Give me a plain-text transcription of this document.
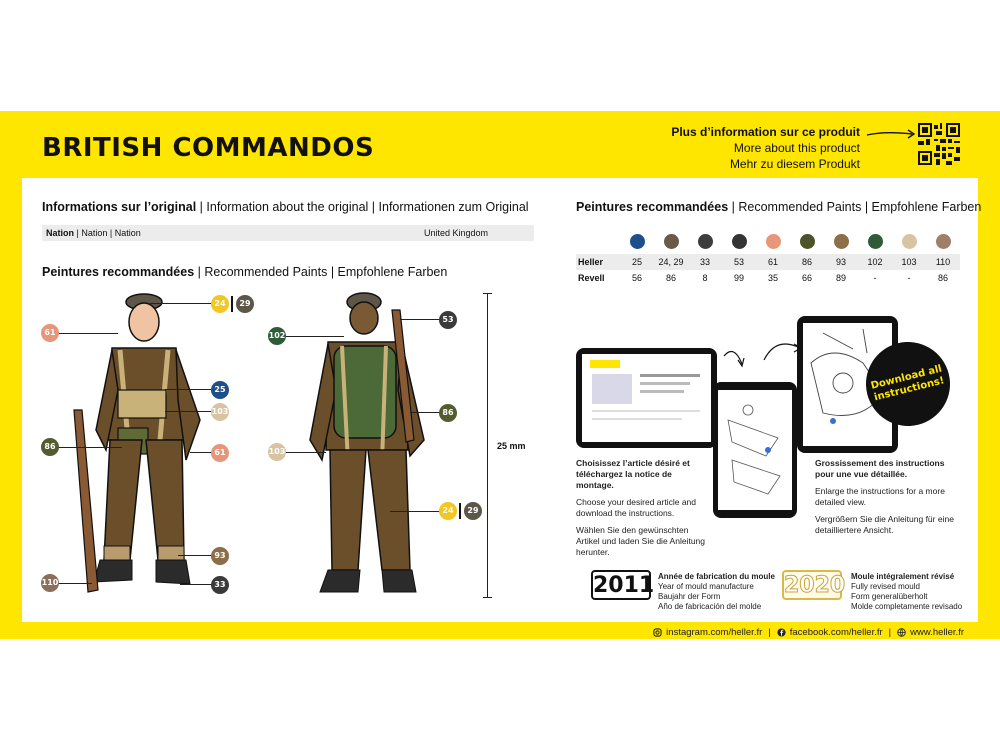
BRITISH COMMANDOS
Plus d’information sur ce produit
More about this product
Mehr zu diesem Produkt
Informations sur l’original | Information about the original | Informationen zum Original
Nation | Nation | Nation	United Kingdom
Peintures recommandées | Recommended Paints | Empfohlene Farben
24	29
61
25
103
86
61
93
110	33
53
102
86
103
24	29
25 mm
Peintures recommandées | Recommended Paints | Empfohlene Farben
Heller	25	24, 29	33	53	61	86	93	102	103	110
Revell	56	86	8	99	35	66	89	-	-	86
Download all instructions!
Choisissez l’article désiré et téléchargez la notice de montage.
Choose your desired article and download the instructions.
Wählen Sie den gewünschten Artikel und laden Sie die Anleitung herunter.
Grossissement des instructions pour une vue détaillée.
Enlarge the instructions for a more detailed view.
Vergrößern Sie die Anleitung für eine detailliertere Ansicht.
2011 Année de fabrication du moule
Year of mould manufacture
Baujahr der Form
Año de fabricación del molde
2020 Moule intégralement révisé
Fully revised mould
Form generalüberholt
Molde completamente revisado
instagram.com/heller.fr | facebook.com/heller.fr | www.heller.fr
